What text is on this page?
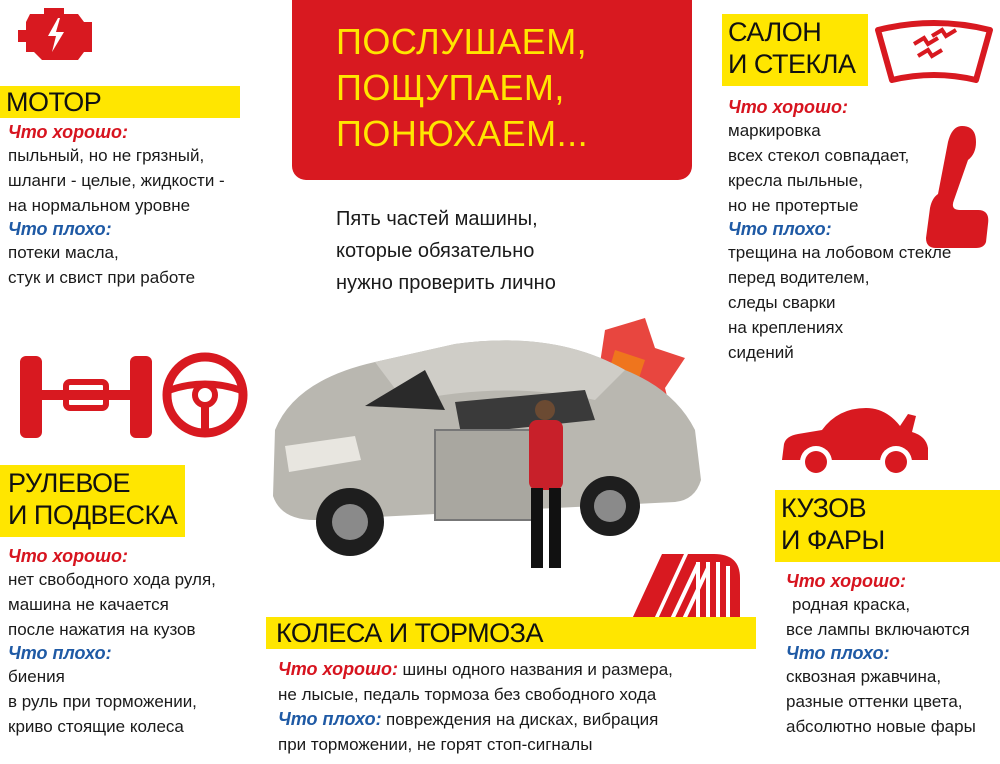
МОТОР
Что хорошо:
пыльный, но не грязный,
шланги - целые, жидкости -
на нормальном уровне
Что плохо:
потеки масла,
стук и свист при работе
ПОСЛУШАЕМ,
ПОЩУПАЕМ,
ПОНЮХАЕМ...
Пять частей машины,
которые обязательно
нужно проверить лично
САЛОН
И СТЕКЛА
Что хорошо:
маркировка
всех стекол совпадает,
кресла пыльные,
но не протертые
Что плохо:
трещина на лобовом стекле
перед водителем,
следы сварки
на креплениях
сидений
РУЛЕВОЕ
И ПОДВЕСКА
Что хорошо:
нет свободного хода руля,
машина не качается
после нажатия на кузов
Что плохо:
биения
в руль при торможении,
криво стоящие колеса
КУЗОВ
И ФАРЫ
Что хорошо:
родная краска,
все лампы включаются
Что плохо:
сквозная ржавчина,
разные оттенки цвета,
абсолютно новые фары
КОЛЕСА И ТОРМОЗА
Что хорошо: шины одного названия и размера,
не лысые, педаль тормоза без свободного хода
Что плохо: повреждения на дисках, вибрация
при торможении, не горят стоп-сигналы
